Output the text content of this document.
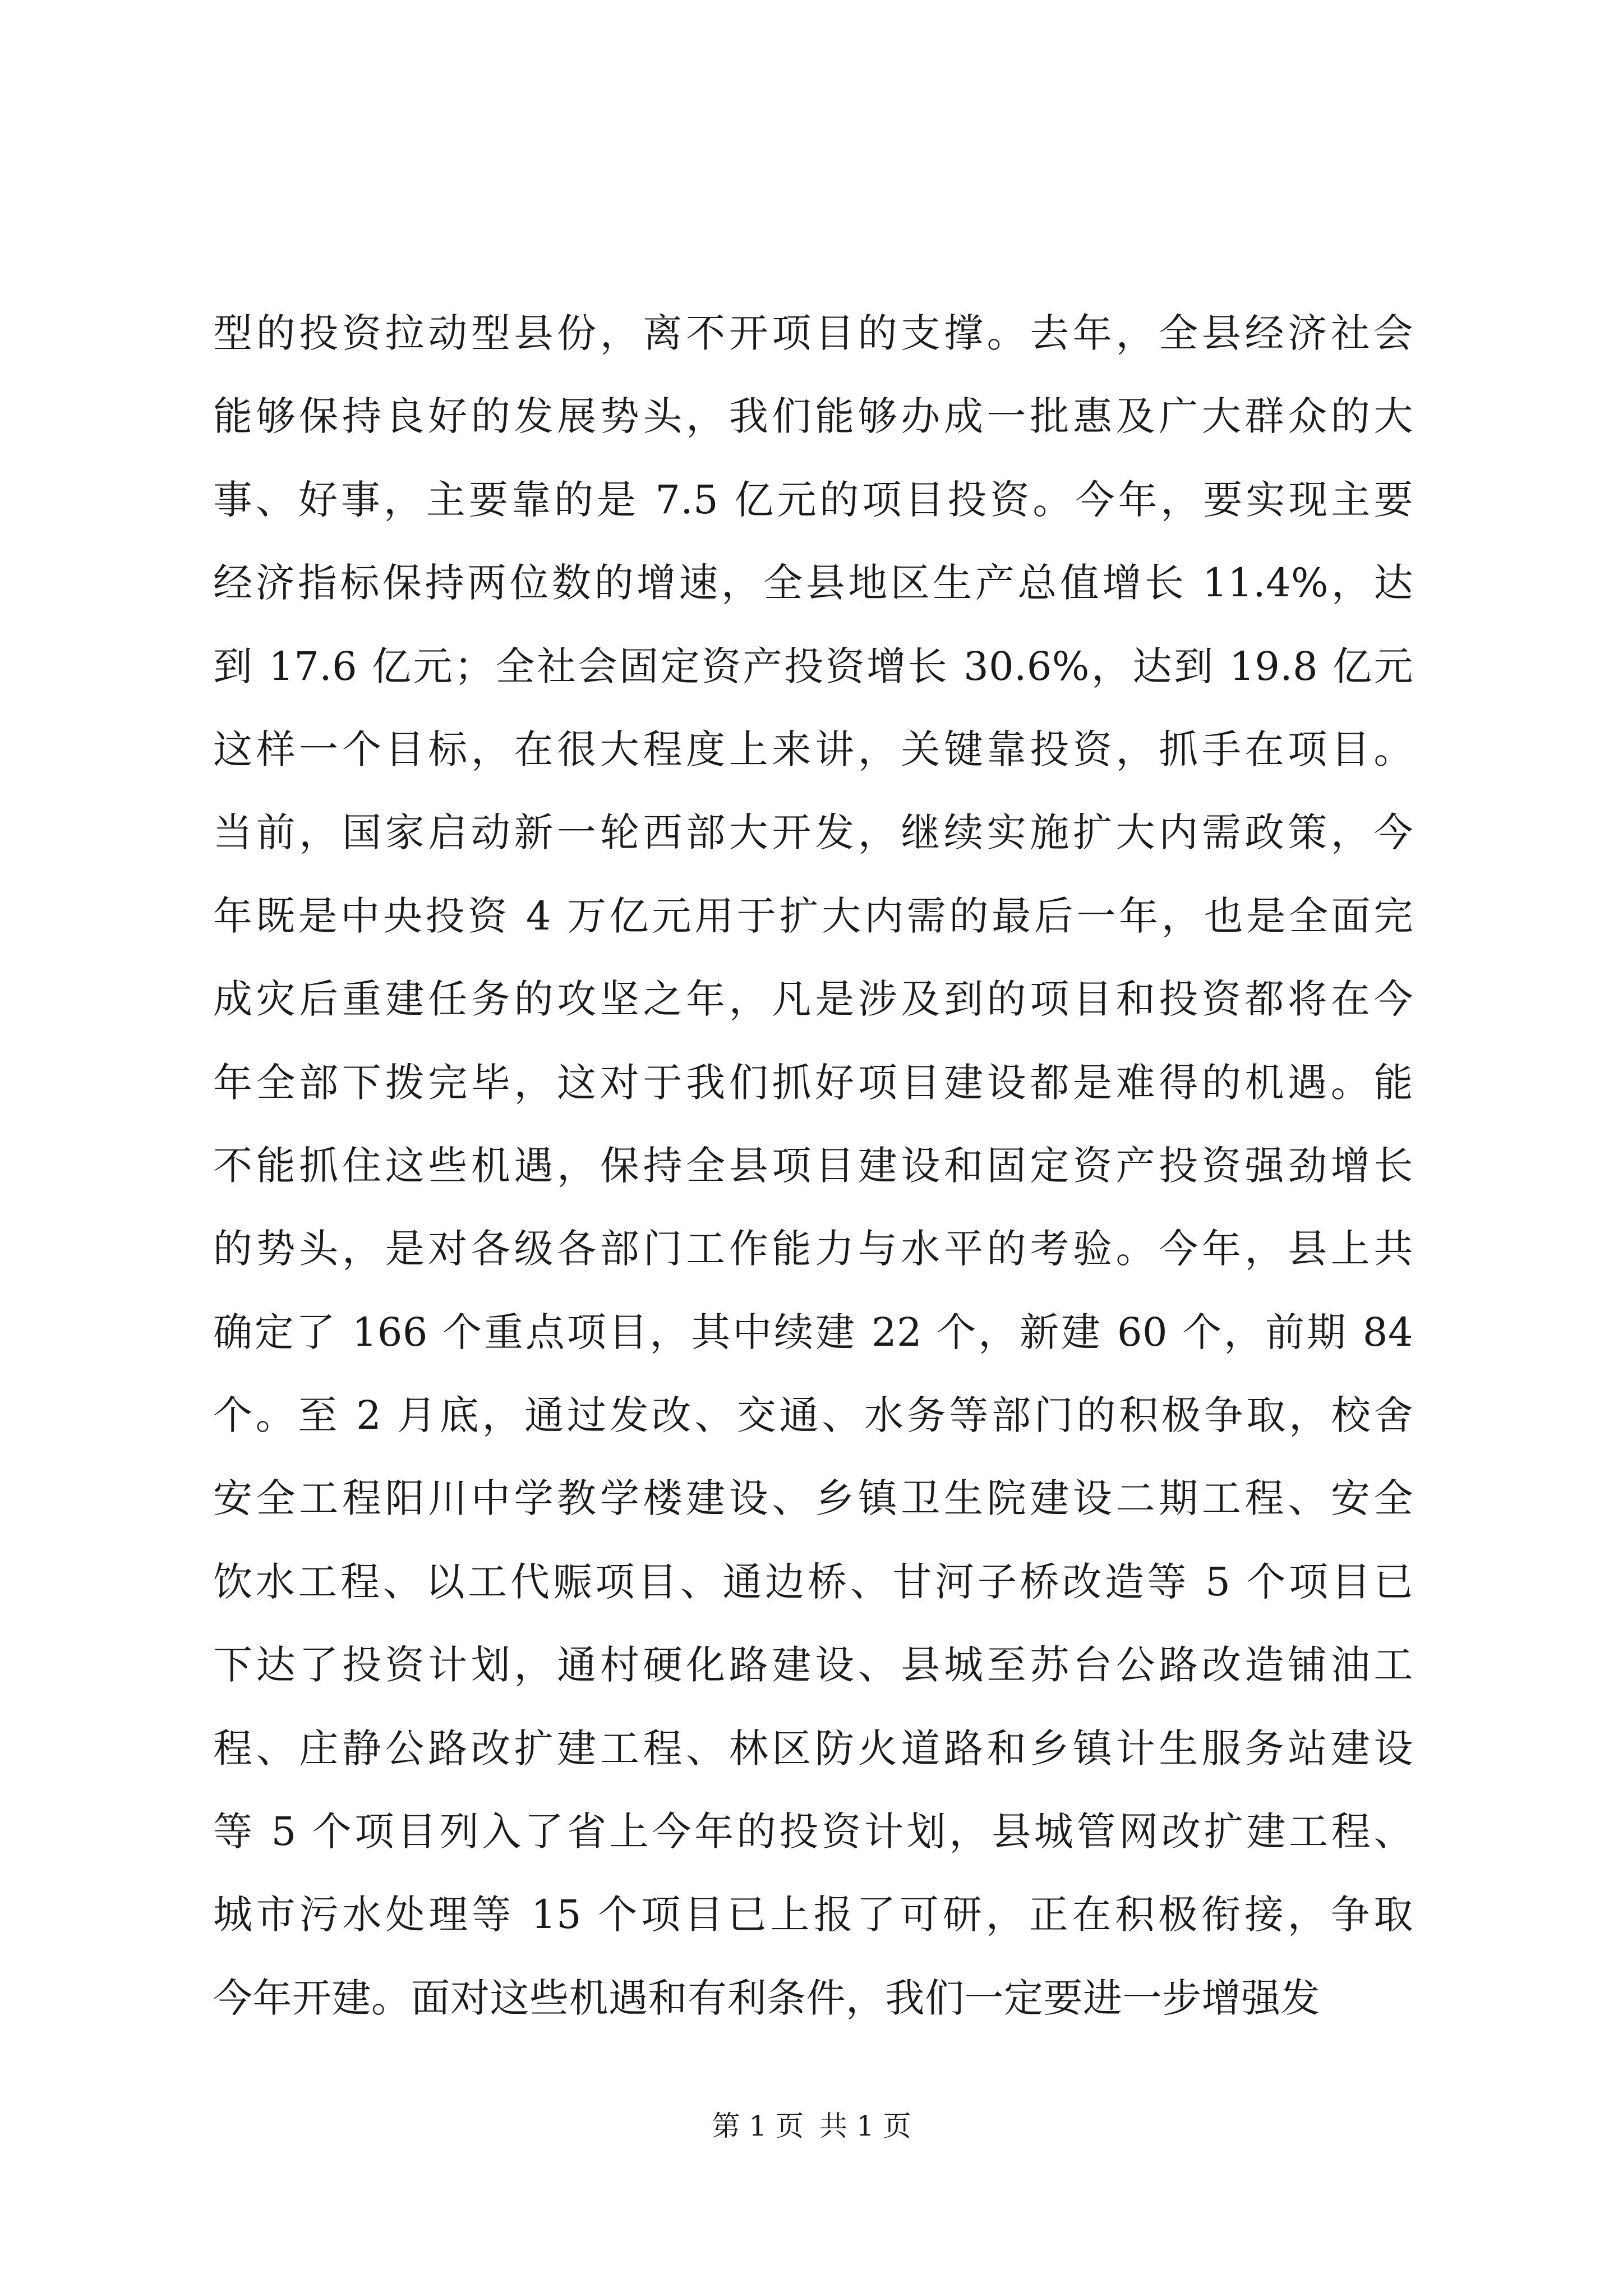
型的投资拉动型县份，离不开项目的支撑。去年，全县经济社会
能够保持良好的发展势头，我们能够办成一批惠及广大群众的大
事、好事，主要靠的是 7.5 亿元的项目投资。今年，要实现主要
经济指标保持两位数的增速，全县地区生产总值增长 11.4%，达
到 17.6 亿元；全社会固定资产投资增长 30.6%，达到 19.8 亿元
这样一个目标，在很大程度上来讲，关键靠投资，抓手在项目。
当前，国家启动新一轮西部大开发，继续实施扩大内需政策，今
年既是中央投资 4 万亿元用于扩大内需的最后一年，也是全面完
成灾后重建任务的攻坚之年，凡是涉及到的项目和投资都将在今
年全部下拨完毕，这对于我们抓好项目建设都是难得的机遇。能
不能抓住这些机遇，保持全县项目建设和固定资产投资强劲增长
的势头，是对各级各部门工作能力与水平的考验。今年，县上共
确定了 166 个重点项目，其中续建 22 个，新建 60 个，前期 84
个。至 2 月底，通过发改、交通、水务等部门的积极争取，校舍
安全工程阳川中学教学楼建设、乡镇卫生院建设二期工程、安全
饮水工程、以工代赈项目、通边桥、甘河子桥改造等 5 个项目已
下达了投资计划，通村硬化路建设、县城至苏台公路改造铺油工
程、庄静公路改扩建工程、林区防火道路和乡镇计生服务站建设
等 5 个项目列入了省上今年的投资计划，县城管网改扩建工程、
城市污水处理等 15 个项目已上报了可研，正在积极衔接，争取
今年开建。面对这些机遇和有利条件，我们一定要进一步增强发
第 1 页 共 1 页
